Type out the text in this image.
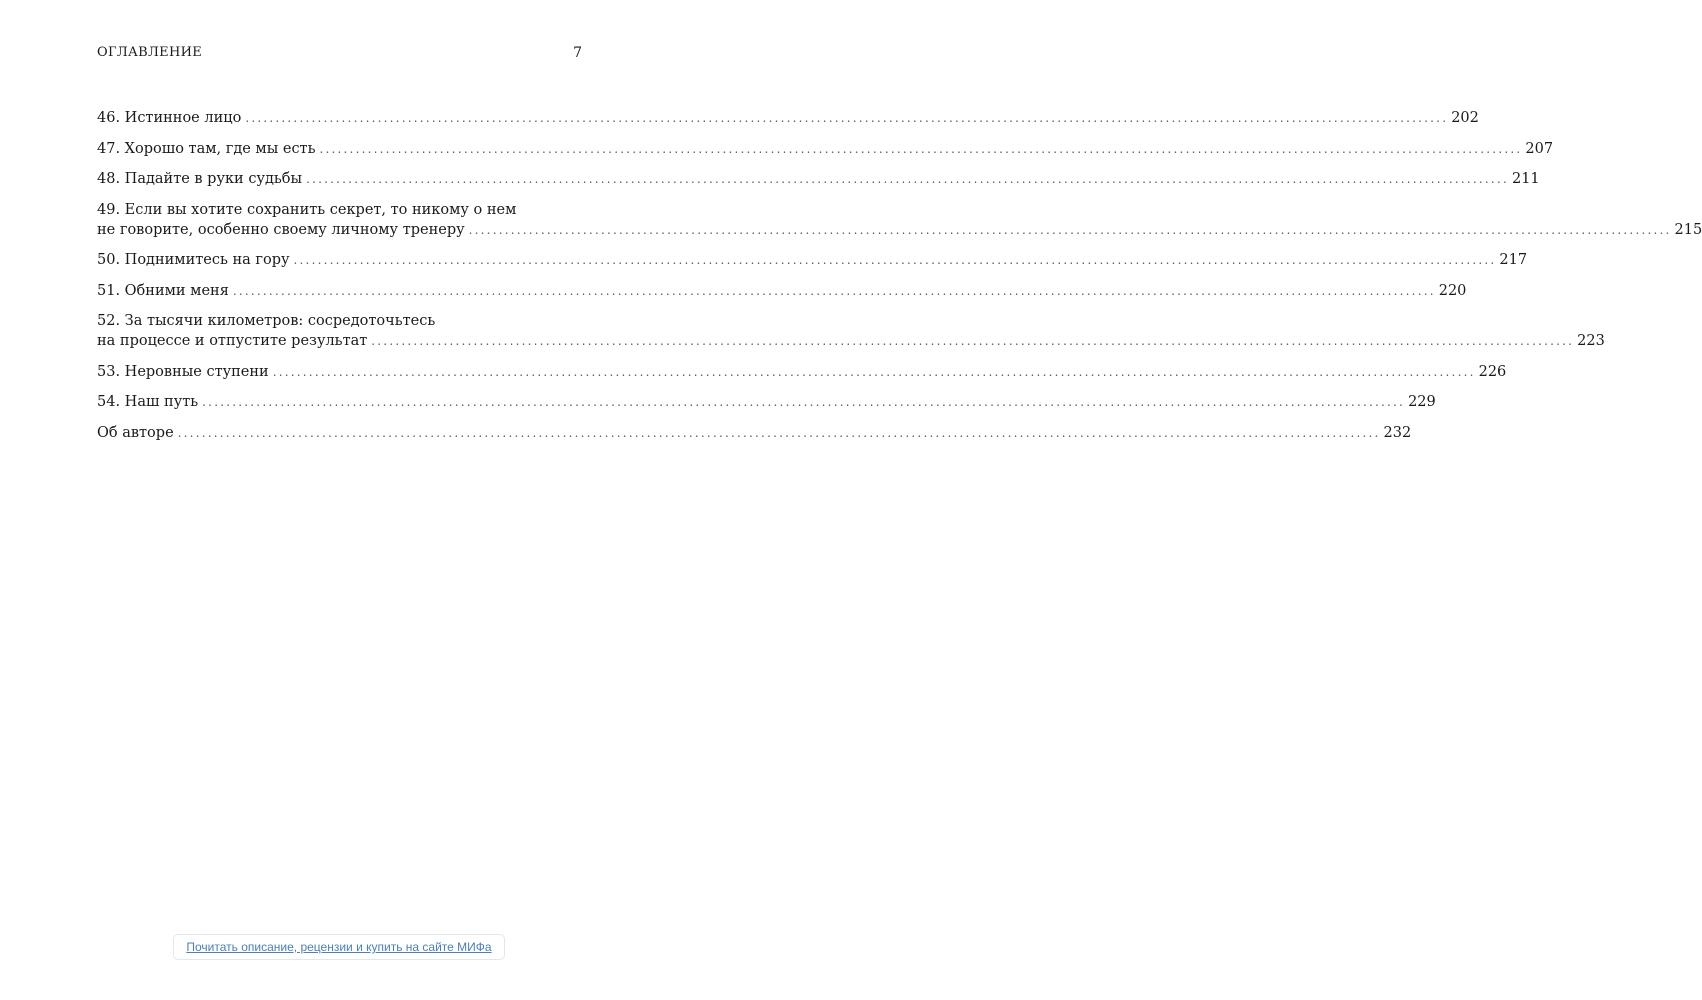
ОГЛАВЛЕНИЕ	7
46. Истинное лицо ........................................................................................................................................................................................................ 202
47. Хорошо там, где мы есть ........................................................................................................................................................................................................ 207
48. Падайте в руки судьбы ........................................................................................................................................................................................................ 211
49. Если вы хотите сохранить секрет, то никому о нем
не говорите, особенно своему личному тренеру ........................................................................................................................................................................................................ 215
50. Поднимитесь на гору ........................................................................................................................................................................................................ 217
51. Обними меня ........................................................................................................................................................................................................ 220
52. За тысячи километров: сосредоточьтесь
на процессе и отпустите результат ........................................................................................................................................................................................................ 223
53. Неровные ступени ........................................................................................................................................................................................................ 226
54. Наш путь ........................................................................................................................................................................................................ 229
Об авторе ........................................................................................................................................................................................................ 232
Почитать описание, рецензии и купить на сайте МИФа
